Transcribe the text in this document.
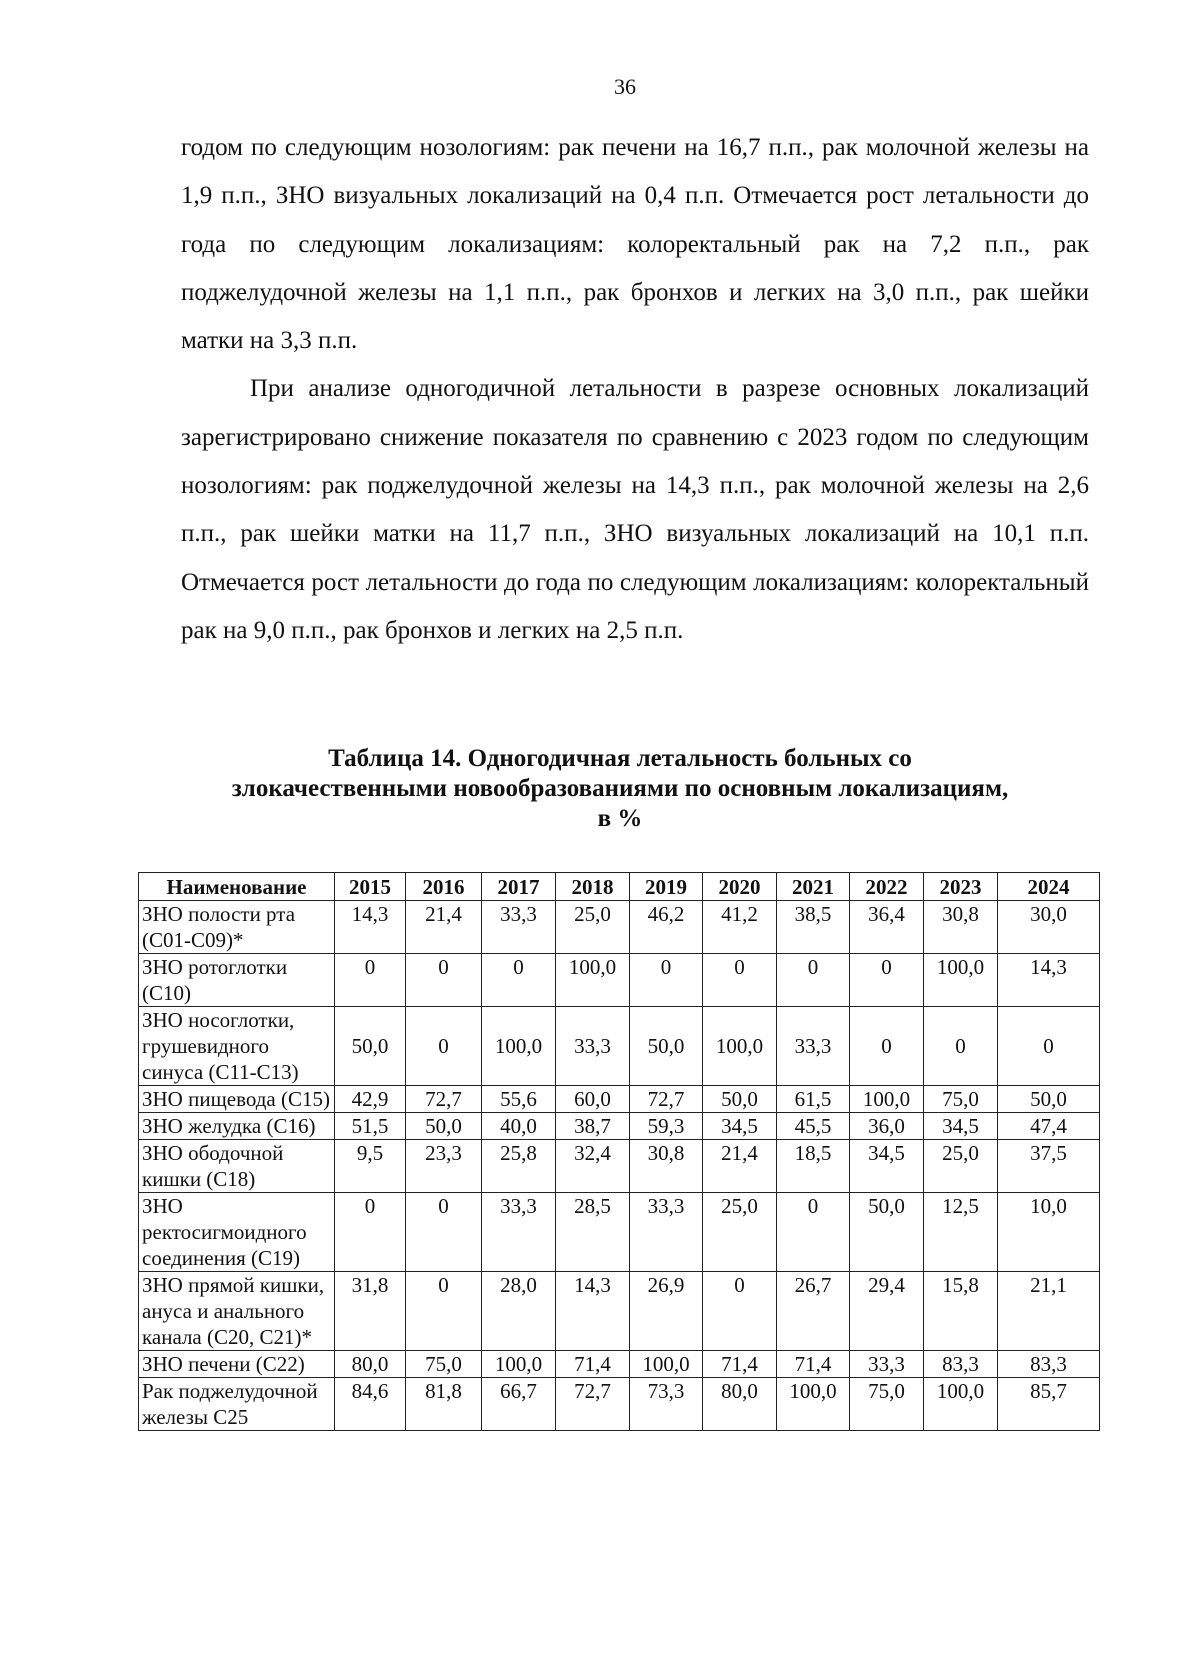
36

годом по следующим нозологиям: рак печени на 16,7 п.п., рак молочной железы на 1,9 п.п., ЗНО визуальных локализаций на 0,4 п.п. Отмечается рост летальности до года по следующим локализациям: колоректальный рак на 7,2 п.п., рак поджелудочной железы на 1,1 п.п., рак бронхов и легких на 3,0 п.п., рак шейки матки на 3,3 п.п.

При анализе одногодичной летальности в разрезе основных локализаций зарегистрировано снижение показателя по сравнению с 2023 годом по следующим нозологиям: рак поджелудочной железы на 14,3 п.п., рак молочной железы на 2,6 п.п., рак шейки матки на 11,7 п.п., ЗНО визуальных локализаций на 10,1 п.п. Отмечается рост летальности до года по следующим локализациям: колоректальный рак на 9,0 п.п., рак бронхов и легких на 2,5 п.п.

Таблица 14. Одногодичная летальность больных со
злокачественными новообразованиями по основным локализациям,
в %
Наименование	2015	2016	2017	2018	2019	2020	2021	2022	2023	2024
ЗНО полости рта (С01-С09)*	14,3	21,4	33,3	25,0	46,2	41,2	38,5	36,4	30,8	30,0
ЗНО ротоглотки (С10)	0	0	0	100,0	0	0	0	0	100,0	14,3
ЗНО носоглотки, грушевидного синуса (С11-С13)	50,0	0	100,0	33,3	50,0	100,0	33,3	0	0	0
ЗНО пищевода (С15)	42,9	72,7	55,6	60,0	72,7	50,0	61,5	100,0	75,0	50,0
ЗНО желудка (С16)	51,5	50,0	40,0	38,7	59,3	34,5	45,5	36,0	34,5	47,4
ЗНО ободочной кишки (С18)	9,5	23,3	25,8	32,4	30,8	21,4	18,5	34,5	25,0	37,5
ЗНО ректосигмоидного соединения (С19)	0	0	33,3	28,5	33,3	25,0	0	50,0	12,5	10,0
ЗНО прямой кишки, ануса и анального канала (С20, С21)*	31,8	0	28,0	14,3	26,9	0	26,7	29,4	15,8	21,1
ЗНО печени (С22)	80,0	75,0	100,0	71,4	100,0	71,4	71,4	33,3	83,3	83,3
Рак поджелудочной железы С25	84,6	81,8	66,7	72,7	73,3	80,0	100,0	75,0	100,0	85,7
